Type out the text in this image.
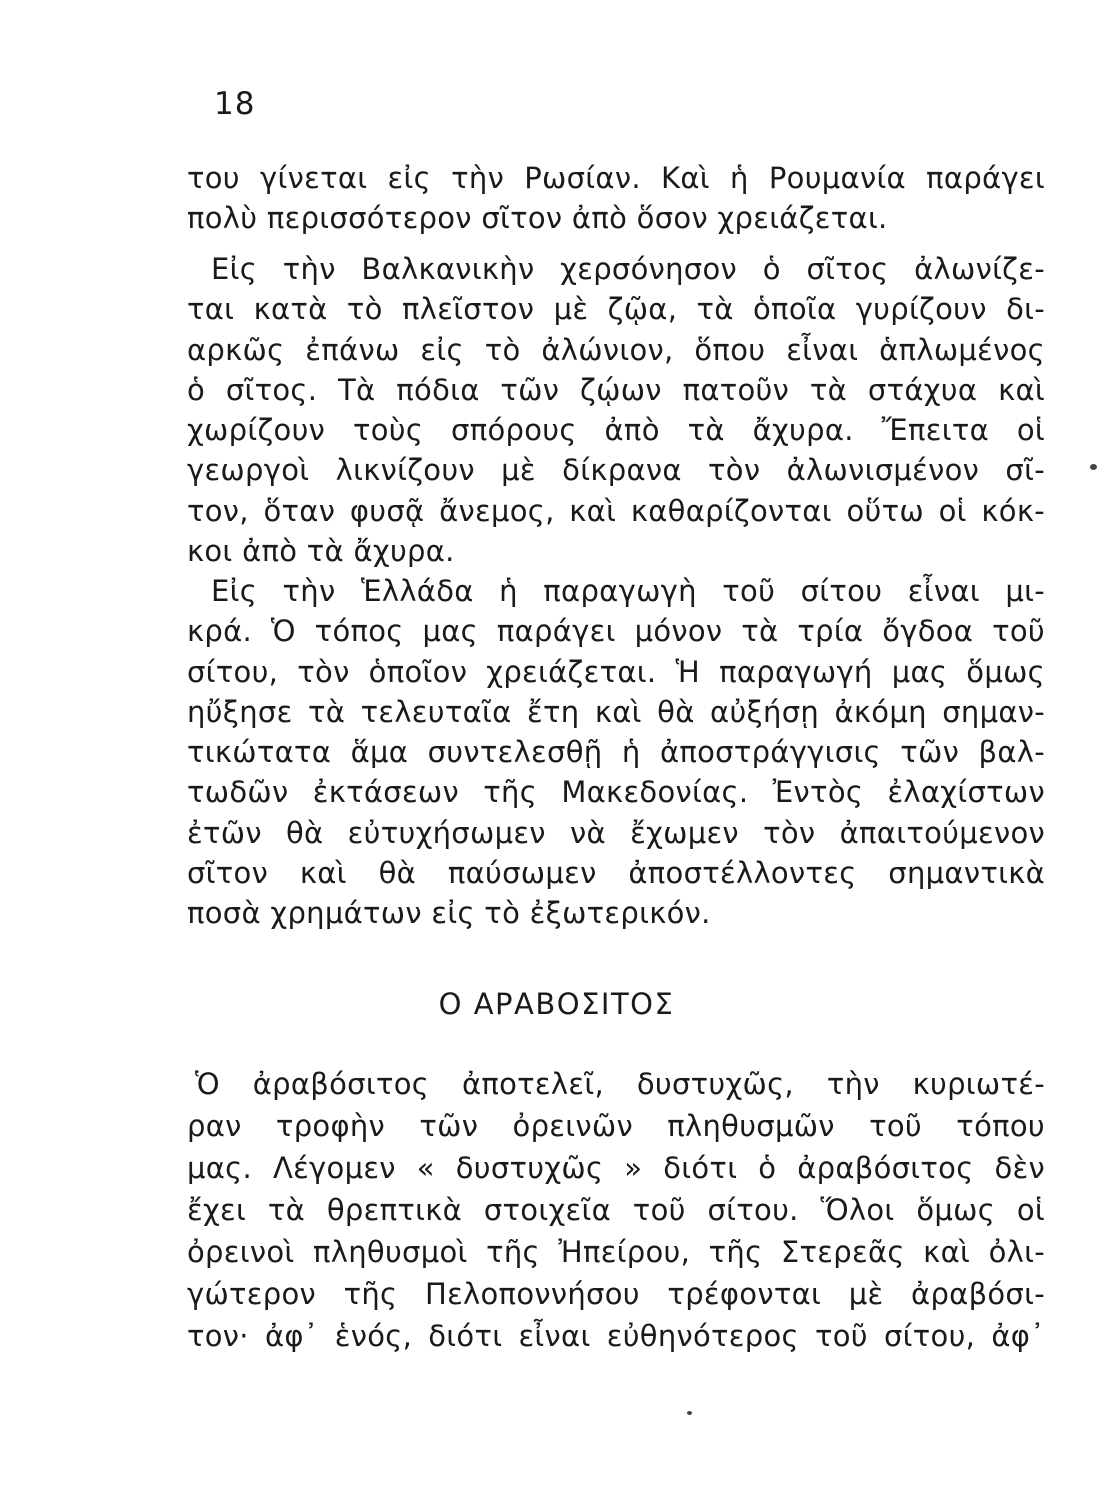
18
του γίνεται εἰς τὴν Ρωσίαν. Καὶ ἡ Ρουμανία παράγει
πολὺ περισσότερον σῖτον ἀπὸ ὅσον χρειάζεται.
Εἰς τὴν Βαλκανικὴν χερσόνησον ὁ σῖτος ἀλωνίζε-
ται κατὰ τὸ πλεῖστον μὲ ζῷα, τὰ ὁποῖα γυρίζουν δι-
αρκῶς ἐπάνω εἰς τὸ ἀλώνιον, ὅπου εἶναι ἁπλωμένος
ὁ σῖτος. Τὰ πόδια τῶν ζῴων πατοῦν τὰ στάχυα καὶ
χωρίζουν τοὺς σπόρους ἀπὸ τὰ ἄχυρα. Ἔπειτα οἱ
γεωργοὶ λικνίζουν μὲ δίκρανα τὸν ἀλωνισμένον σῖ-
τον, ὅταν φυσᾷ ἄνεμος, καὶ καθαρίζονται οὕτω οἱ κόκ-
κοι ἀπὸ τὰ ἄχυρα.
Εἰς τὴν Ἑλλάδα ἡ παραγωγὴ τοῦ σίτου εἶναι μι-
κρά. Ὁ τόπος μας παράγει μόνον τὰ τρία ὄγδοα τοῦ
σίτου, τὸν ὁποῖον χρειάζεται. Ἡ παραγωγή μας ὅμως
ηὔξησε τὰ τελευταῖα ἔτη καὶ θὰ αὐξήσῃ ἀκόμη σημαν-
τικώτατα ἅμα συντελεσθῇ ἡ ἀποστράγγισις τῶν βαλ-
τωδῶν ἐκτάσεων τῆς Μακεδονίας. Ἐντὸς ἐλαχίστων
ἐτῶν θὰ εὐτυχήσωμεν νὰ ἔχωμεν τὸν ἀπαιτούμενον
σῖτον καὶ θὰ παύσωμεν ἀποστέλλοντες σημαντικὰ
ποσὰ χρημάτων εἰς τὸ ἐξωτερικόν.
Ο ΑΡΑΒΟΣΙΤΟΣ
Ὁ ἀραβόσιτος ἀποτελεῖ, δυστυχῶς, τὴν κυριωτέ-
ραν τροφὴν τῶν ὀρεινῶν πληθυσμῶν τοῦ τόπου
μας. Λέγομεν « δυστυχῶς » διότι ὁ ἀραβόσιτος δὲν
ἔχει τὰ θρεπτικὰ στοιχεῖα τοῦ σίτου. Ὅλοι ὅμως οἱ
ὀρεινοὶ πληθυσμοὶ τῆς Ἠπείρου, τῆς Στερεᾶς καὶ ὀλι-
γώτερον τῆς Πελοποννήσου τρέφονται μὲ ἀραβόσι-
τον· ἀφ᾽ ἑνός, διότι εἶναι εὐθηνότερος τοῦ σίτου, ἀφ᾽
